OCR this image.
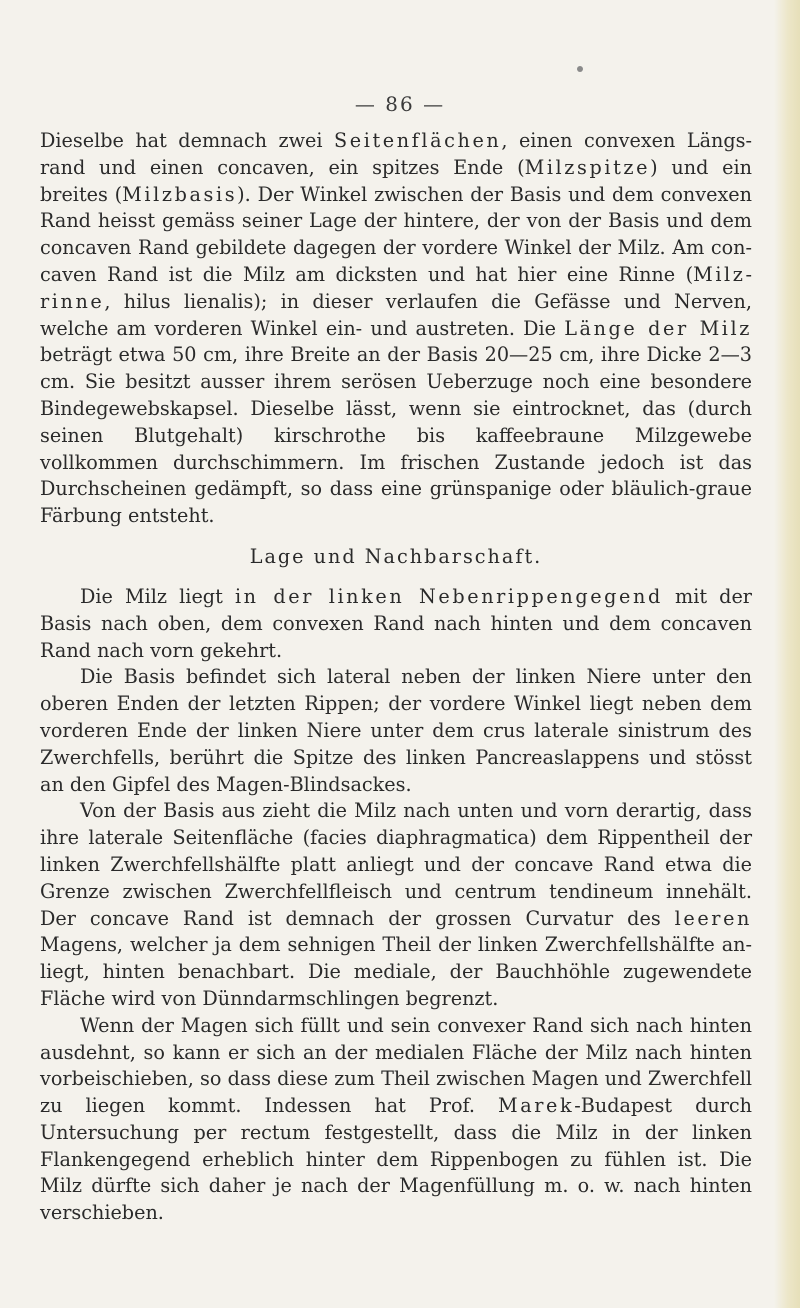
— 86 —

Dieselbe hat demnach zwei Seitenflächen, einen convexen Längsrand und einen concaven, ein spitzes Ende (Milzspitze) und ein breites (Milzbasis). Der Winkel zwischen der Basis und dem convexen Rand heisst gemäss seiner Lage der hintere, der von der Basis und dem concaven Rand gebildete dagegen der vordere Winkel der Milz. Am concaven Rand ist die Milz am dicksten und hat hier eine Rinne (Milzrinne, hilus lienalis); in dieser verlaufen die Gefässe und Nerven, welche am vorderen Winkel ein- und austreten. Die Länge der Milz beträgt etwa 50 cm, ihre Breite an der Basis 20—25 cm, ihre Dicke 2—3 cm. Sie besitzt ausser ihrem serösen Ueberzuge noch eine besondere Bindegewebskapsel. Dieselbe lässt, wenn sie eintrocknet, das (durch seinen Blutgehalt) kirschrothe bis kaffeebraune Milzgewebe vollkommen durchschimmern. Im frischen Zustande jedoch ist das Durchscheinen gedämpft, so dass eine grünspanige oder bläulich-graue Färbung entsteht.

Lage und Nachbarschaft.

Die Milz liegt in der linken Nebenrippengegend mit der Basis nach oben, dem convexen Rand nach hinten und dem concaven Rand nach vorn gekehrt.

Die Basis befindet sich lateral neben der linken Niere unter den oberen Enden der letzten Rippen; der vordere Winkel liegt neben dem vorderen Ende der linken Niere unter dem crus laterale sinistrum des Zwerchfells, berührt die Spitze des linken Pancreaslappens und stösst an den Gipfel des Magen-Blindsackes.

Von der Basis aus zieht die Milz nach unten und vorn derartig, dass ihre laterale Seitenfläche (facies diaphragmatica) dem Rippentheil der linken Zwerchfellshälfte platt anliegt und der concave Rand etwa die Grenze zwischen Zwerchfellfleisch und centrum tendineum innehält. Der concave Rand ist demnach der grossen Curvatur des leeren Magens, welcher ja dem sehnigen Theil der linken Zwerchfellshälfte anliegt, hinten benachbart. Die mediale, der Bauchhöhle zugewendete Fläche wird von Dünndarmschlingen begrenzt.

Wenn der Magen sich füllt und sein convexer Rand sich nach hinten ausdehnt, so kann er sich an der medialen Fläche der Milz nach hinten vorbeischieben, so dass diese zum Theil zwischen Magen und Zwerchfell zu liegen kommt. Indessen hat Prof. Marek-Budapest durch Untersuchung per rectum festgestellt, dass die Milz in der linken Flankengegend erheblich hinter dem Rippenbogen zu fühlen ist. Die Milz dürfte sich daher je nach der Magenfüllung m. o. w. nach hinten verschieben.
